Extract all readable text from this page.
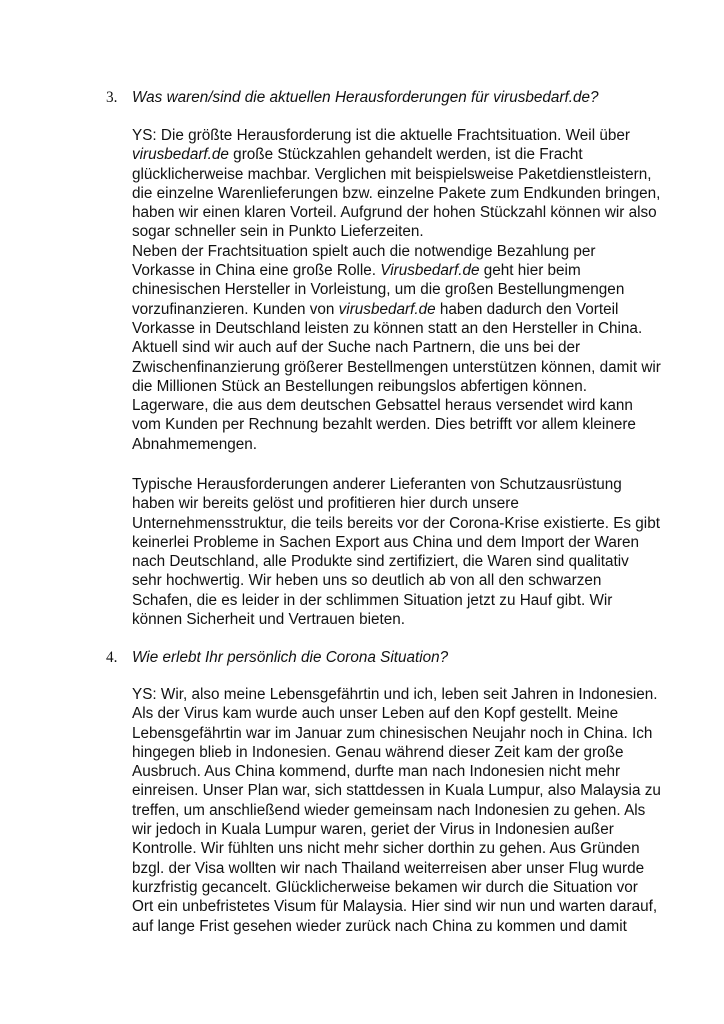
3. Was waren/sind die aktuellen Herausforderungen für virusbedarf.de?
YS: Die größte Herausforderung ist die aktuelle Frachtsituation. Weil über
virusbedarf.de große Stückzahlen gehandelt werden, ist die Fracht
glücklicherweise machbar. Verglichen mit beispielsweise Paketdienstleistern,
die einzelne Warenlieferungen bzw. einzelne Pakete zum Endkunden bringen,
haben wir einen klaren Vorteil. Aufgrund der hohen Stückzahl können wir also
sogar schneller sein in Punkto Lieferzeiten.
Neben der Frachtsituation spielt auch die notwendige Bezahlung per
Vorkasse in China eine große Rolle. Virusbedarf.de geht hier beim
chinesischen Hersteller in Vorleistung, um die großen Bestellungmengen
vorzufinanzieren. Kunden von virusbedarf.de haben dadurch den Vorteil
Vorkasse in Deutschland leisten zu können statt an den Hersteller in China.
Aktuell sind wir auch auf der Suche nach Partnern, die uns bei der
Zwischenfinanzierung größerer Bestellmengen unterstützen können, damit wir
die Millionen Stück an Bestellungen reibungslos abfertigen können.
Lagerware, die aus dem deutschen Gebsattel heraus versendet wird kann
vom Kunden per Rechnung bezahlt werden. Dies betrifft vor allem kleinere
Abnahmemengen.
Typische Herausforderungen anderer Lieferanten von Schutzausrüstung
haben wir bereits gelöst und profitieren hier durch unsere
Unternehmensstruktur, die teils bereits vor der Corona-Krise existierte. Es gibt
keinerlei Probleme in Sachen Export aus China und dem Import der Waren
nach Deutschland, alle Produkte sind zertifiziert, die Waren sind qualitativ
sehr hochwertig. Wir heben uns so deutlich ab von all den schwarzen
Schafen, die es leider in der schlimmen Situation jetzt zu Hauf gibt. Wir
können Sicherheit und Vertrauen bieten.
4. Wie erlebt Ihr persönlich die Corona Situation?
YS: Wir, also meine Lebensgefährtin und ich, leben seit Jahren in Indonesien.
Als der Virus kam wurde auch unser Leben auf den Kopf gestellt. Meine
Lebensgefährtin war im Januar zum chinesischen Neujahr noch in China. Ich
hingegen blieb in Indonesien. Genau während dieser Zeit kam der große
Ausbruch. Aus China kommend, durfte man nach Indonesien nicht mehr
einreisen. Unser Plan war, sich stattdessen in Kuala Lumpur, also Malaysia zu
treffen, um anschließend wieder gemeinsam nach Indonesien zu gehen. Als
wir jedoch in Kuala Lumpur waren, geriet der Virus in Indonesien außer
Kontrolle. Wir fühlten uns nicht mehr sicher dorthin zu gehen. Aus Gründen
bzgl. der Visa wollten wir nach Thailand weiterreisen aber unser Flug wurde
kurzfristig gecancelt. Glücklicherweise bekamen wir durch die Situation vor
Ort ein unbefristetes Visum für Malaysia. Hier sind wir nun und warten darauf,
auf lange Frist gesehen wieder zurück nach China zu kommen und damit
